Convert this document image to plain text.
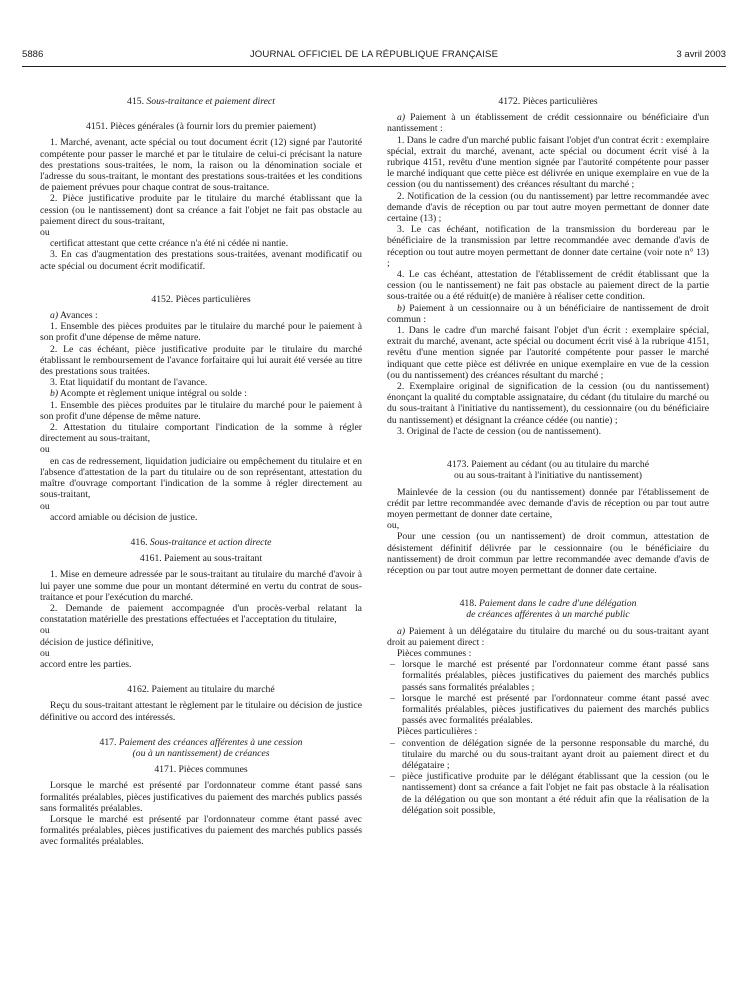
5886	JOURNAL OFFICIEL DE LA RÉPUBLIQUE FRANÇAISE	3 avril 2003
415. Sous-traitance et paiement direct
4151. Pièces générales (à fournir lors du premier paiement)

1. Marché, avenant, acte spécial ou tout document écrit (12) signé par l'autorité compétente pour passer le marché et par le titulaire de celui-ci précisant la nature des prestations sous-traitées, le nom, la raison ou la dénomination sociale et l'adresse du sous-traitant, le montant des prestations sous-traitées et les conditions de paiement prévues pour chaque contrat de sous-traitance.

2. Pièce justificative produite par le titulaire du marché établissant que la cession (ou le nantissement) dont sa créance a fait l'objet ne fait pas obstacle au paiement direct du sous-traitant,

ou

certificat attestant que cette créance n'a été ni cédée ni nantie.

3. En cas d'augmentation des prestations sous-traitées, avenant modificatif ou acte spécial ou document écrit modificatif.

4152. Pièces particulières

a) Avances :

1. Ensemble des pièces produites par le titulaire du marché pour le paiement à son profit d'une dépense de même nature.

2. Le cas échéant, pièce justificative produite par le titulaire du marché établissant le remboursement de l'avance forfaitaire qui lui aurait été versée au titre des prestations sous traitées.

3. Etat liquidatif du montant de l'avance.

b) Acompte et règlement unique intégral ou solde :

1. Ensemble des pièces produites par le titulaire du marché pour le paiement à son profit d'une dépense de même nature.

2. Attestation du titulaire comportant l'indication de la somme à régler directement au sous-traitant,

ou

en cas de redressement, liquidation judiciaire ou empêchement du titulaire et en l'absence d'attestation de la part du titulaire ou de son représentant, attestation du maître d'ouvrage comportant l'indication de la somme à régler directement au sous-traitant,

ou

accord amiable ou décision de justice.

416. Sous-traitance et action directe
4161. Paiement au sous-traitant

1. Mise en demeure adressée par le sous-traitant au titulaire du marché d'avoir à lui payer une somme due pour un montant déterminé en vertu du contrat de sous-traitance et pour l'exécution du marché.

2. Demande de paiement accompagnée d'un procès-verbal relatant la constatation matérielle des prestations effectuées et l'acceptation du titulaire,

ou

décision de justice définitive,

ou

accord entre les parties.

4162. Paiement au titulaire du marché

Reçu du sous-traitant attestant le règlement par le titulaire ou décision de justice définitive ou accord des intéressés.

417. Paiement des créances afférentes à une cession
(ou à un nantissement) de créances
4171. Pièces communes

Lorsque le marché est présenté par l'ordonnateur comme étant passé sans formalités préalables, pièces justificatives du paiement des marchés publics passés sans formalités préalables.

Lorsque le marché est présenté par l'ordonnateur comme étant passé avec formalités préalables, pièces justificatives du paiement des marchés publics passés avec formalités préalables.

4172. Pièces particulières

a) Paiement à un établissement de crédit cessionnaire ou bénéficiaire d'un nantissement :

1. Dans le cadre d'un marché public faisant l'objet d'un contrat écrit : exemplaire spécial, extrait du marché, avenant, acte spécial ou document écrit visé à la rubrique 4151, revêtu d'une mention signée par l'autorité compétente pour passer le marché indiquant que cette pièce est délivrée en unique exemplaire en vue de la cession (ou du nantissement) des créances résultant du marché ;

2. Notification de la cession (ou du nantissement) par lettre recommandée avec demande d'avis de réception ou par tout autre moyen permettant de donner date certaine (13) ;

3. Le cas échéant, notification de la transmission du bordereau par le bénéficiaire de la transmission par lettre recommandée avec demande d'avis de réception ou tout autre moyen permettant de donner date certaine (voir note n° 13) ;

4. Le cas échéant, attestation de l'établissement de crédit établissant que la cession (ou le nantissement) ne fait pas obstacle au paiement direct de la partie sous-traitée ou a été réduit(e) de manière à réaliser cette condition.

b) Paiement à un cessionnaire ou à un bénéficiaire de nantissement de droit commun :

1. Dans le cadre d'un marché faisant l'objet d'un écrit : exemplaire spécial, extrait du marché, avenant, acte spécial ou document écrit visé à la rubrique 4151, revêtu d'une mention signée par l'autorité compétente pour passer le marché indiquant que cette pièce est délivrée en unique exemplaire en vue de la cession (ou du nantissement) des créances résultant du marché ;

2. Exemplaire original de signification de la cession (ou du nantissement) énonçant la qualité du comptable assignataire, du cédant (du titulaire du marché ou du sous-traitant à l'initiative du nantissement), du cessionnaire (ou du bénéficiaire du nantissement) et désignant la créance cédée (ou nantie) ;

3. Original de l'acte de cession (ou de nantissement).

4173. Paiement au cédant (ou au titulaire du marché
ou au sous-traitant à l'initiative du nantissement)

Mainlevée de la cession (ou du nantissement) donnée par l'établissement de crédit par lettre recommandée avec demande d'avis de réception ou par tout autre moyen permettant de donner date certaine,

ou,

Pour une cession (ou un nantissement) de droit commun, attestation de désistement définitif délivrée par le cessionnaire (ou le bénéficiaire du nantissement) de droit commun par lettre recommandée avec demande d'avis de réception ou par tout autre moyen permettant de donner date certaine.

418. Paiement dans le cadre d'une délégation
de créances afférentes à un marché public

a) Paiement à un délégataire du titulaire du marché ou du sous-traitant ayant droit au paiement direct :

Pièces communes :

– lorsque le marché est présenté par l'ordonnateur comme étant passé sans formalités préalables, pièces justificatives du paiement des marchés publics passés sans formalités préalables ;
– lorsque le marché est présenté par l'ordonnateur comme étant passé avec formalités préalables, pièces justificatives du paiement des marchés publics passés avec formalités préalables.

Pièces particulières :

– convention de délégation signée de la personne responsable du marché, du titulaire du marché ou du sous-traitant ayant droit au paiement direct et du délégataire ;
– pièce justificative produite par le délégant établissant que la cession (ou le nantissement) dont sa créance a fait l'objet ne fait pas obstacle à la réalisation de la délégation ou que son montant a été réduit afin que la réalisation de la délégation soit possible,
